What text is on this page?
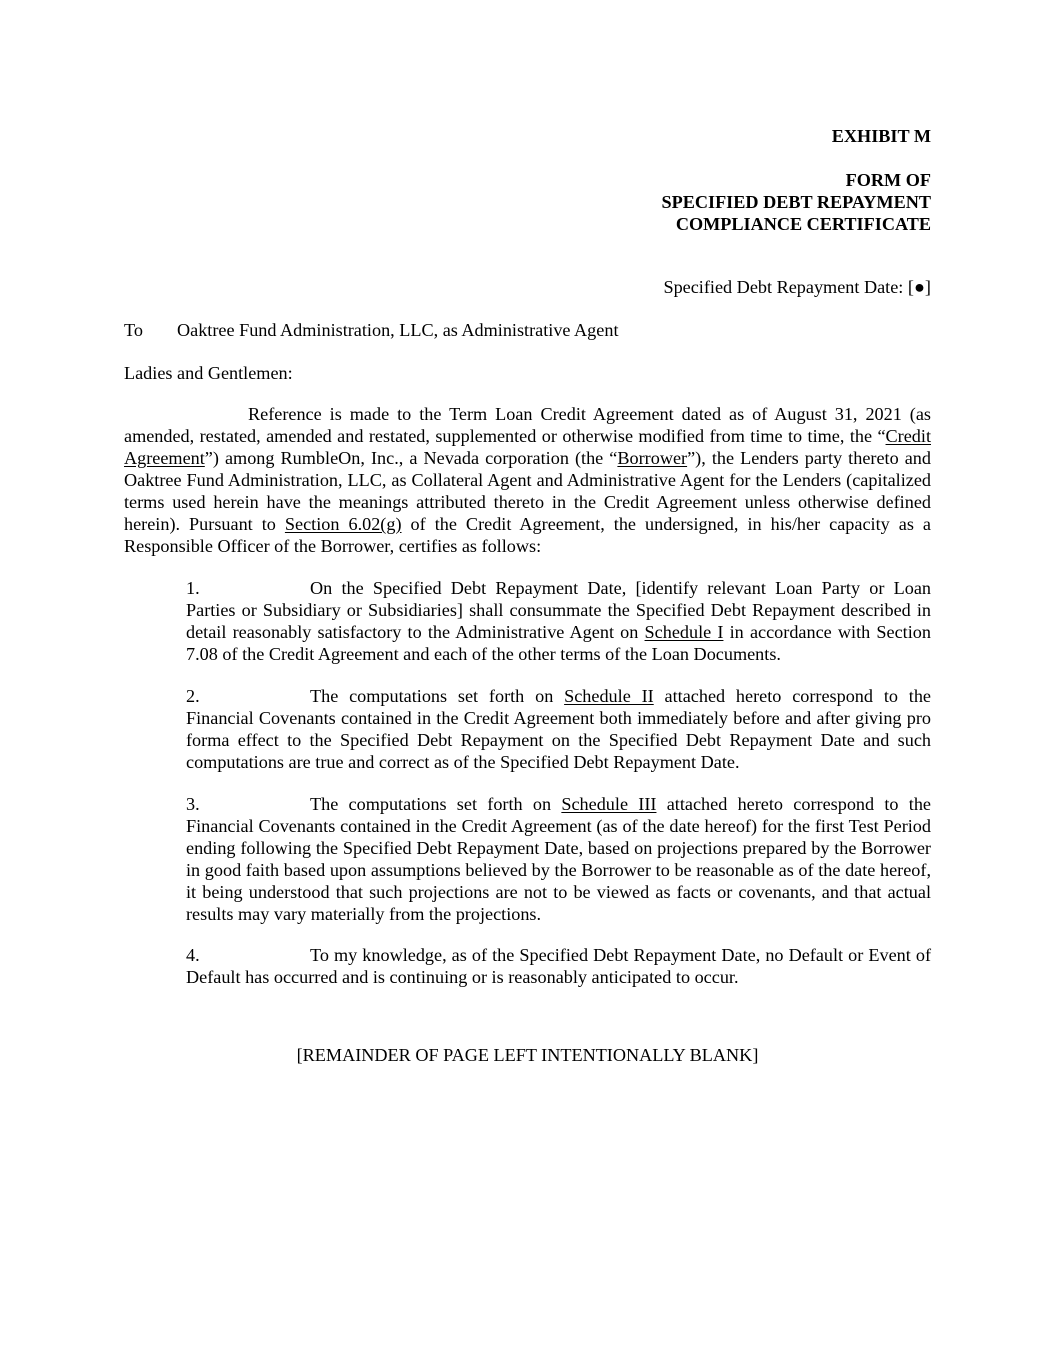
EXHIBIT M
FORM OF
SPECIFIED DEBT REPAYMENT
COMPLIANCE CERTIFICATE
Specified Debt Repayment Date: [●]
To Oaktree Fund Administration, LLC, as Administrative Agent
Ladies and Gentlemen:
Reference is made to the Term Loan Credit Agreement dated as of August 31, 2021 (as amended, restated, amended and restated, supplemented or otherwise modified from time to time, the “Credit Agreement”) among RumbleOn, Inc., a Nevada corporation (the “Borrower”), the Lenders party thereto and Oaktree Fund Administration, LLC, as Collateral Agent and Administrative Agent for the Lenders (capitalized terms used herein have the meanings attributed thereto in the Credit Agreement unless otherwise defined herein). Pursuant to Section 6.02(g) of the Credit Agreement, the undersigned, in his/her capacity as a Responsible Officer of the Borrower, certifies as follows:
1.	On the Specified Debt Repayment Date, [identify relevant Loan Party or Loan Parties or Subsidiary or Subsidiaries] shall consummate the Specified Debt Repayment described in detail reasonably satisfactory to the Administrative Agent on Schedule I in accordance with Section 7.08 of the Credit Agreement and each of the other terms of the Loan Documents.
2.	The computations set forth on Schedule II attached hereto correspond to the Financial Covenants contained in the Credit Agreement both immediately before and after giving pro forma effect to the Specified Debt Repayment on the Specified Debt Repayment Date and such computations are true and correct as of the Specified Debt Repayment Date.
3.	The computations set forth on Schedule III attached hereto correspond to the Financial Covenants contained in the Credit Agreement (as of the date hereof) for the first Test Period ending following the Specified Debt Repayment Date, based on projections prepared by the Borrower in good faith based upon assumptions believed by the Borrower to be reasonable as of the date hereof, it being understood that such projections are not to be viewed as facts or covenants, and that actual results may vary materially from the projections.
4.	To my knowledge, as of the Specified Debt Repayment Date, no Default or Event of Default has occurred and is continuing or is reasonably anticipated to occur.
[REMAINDER OF PAGE LEFT INTENTIONALLY BLANK]
